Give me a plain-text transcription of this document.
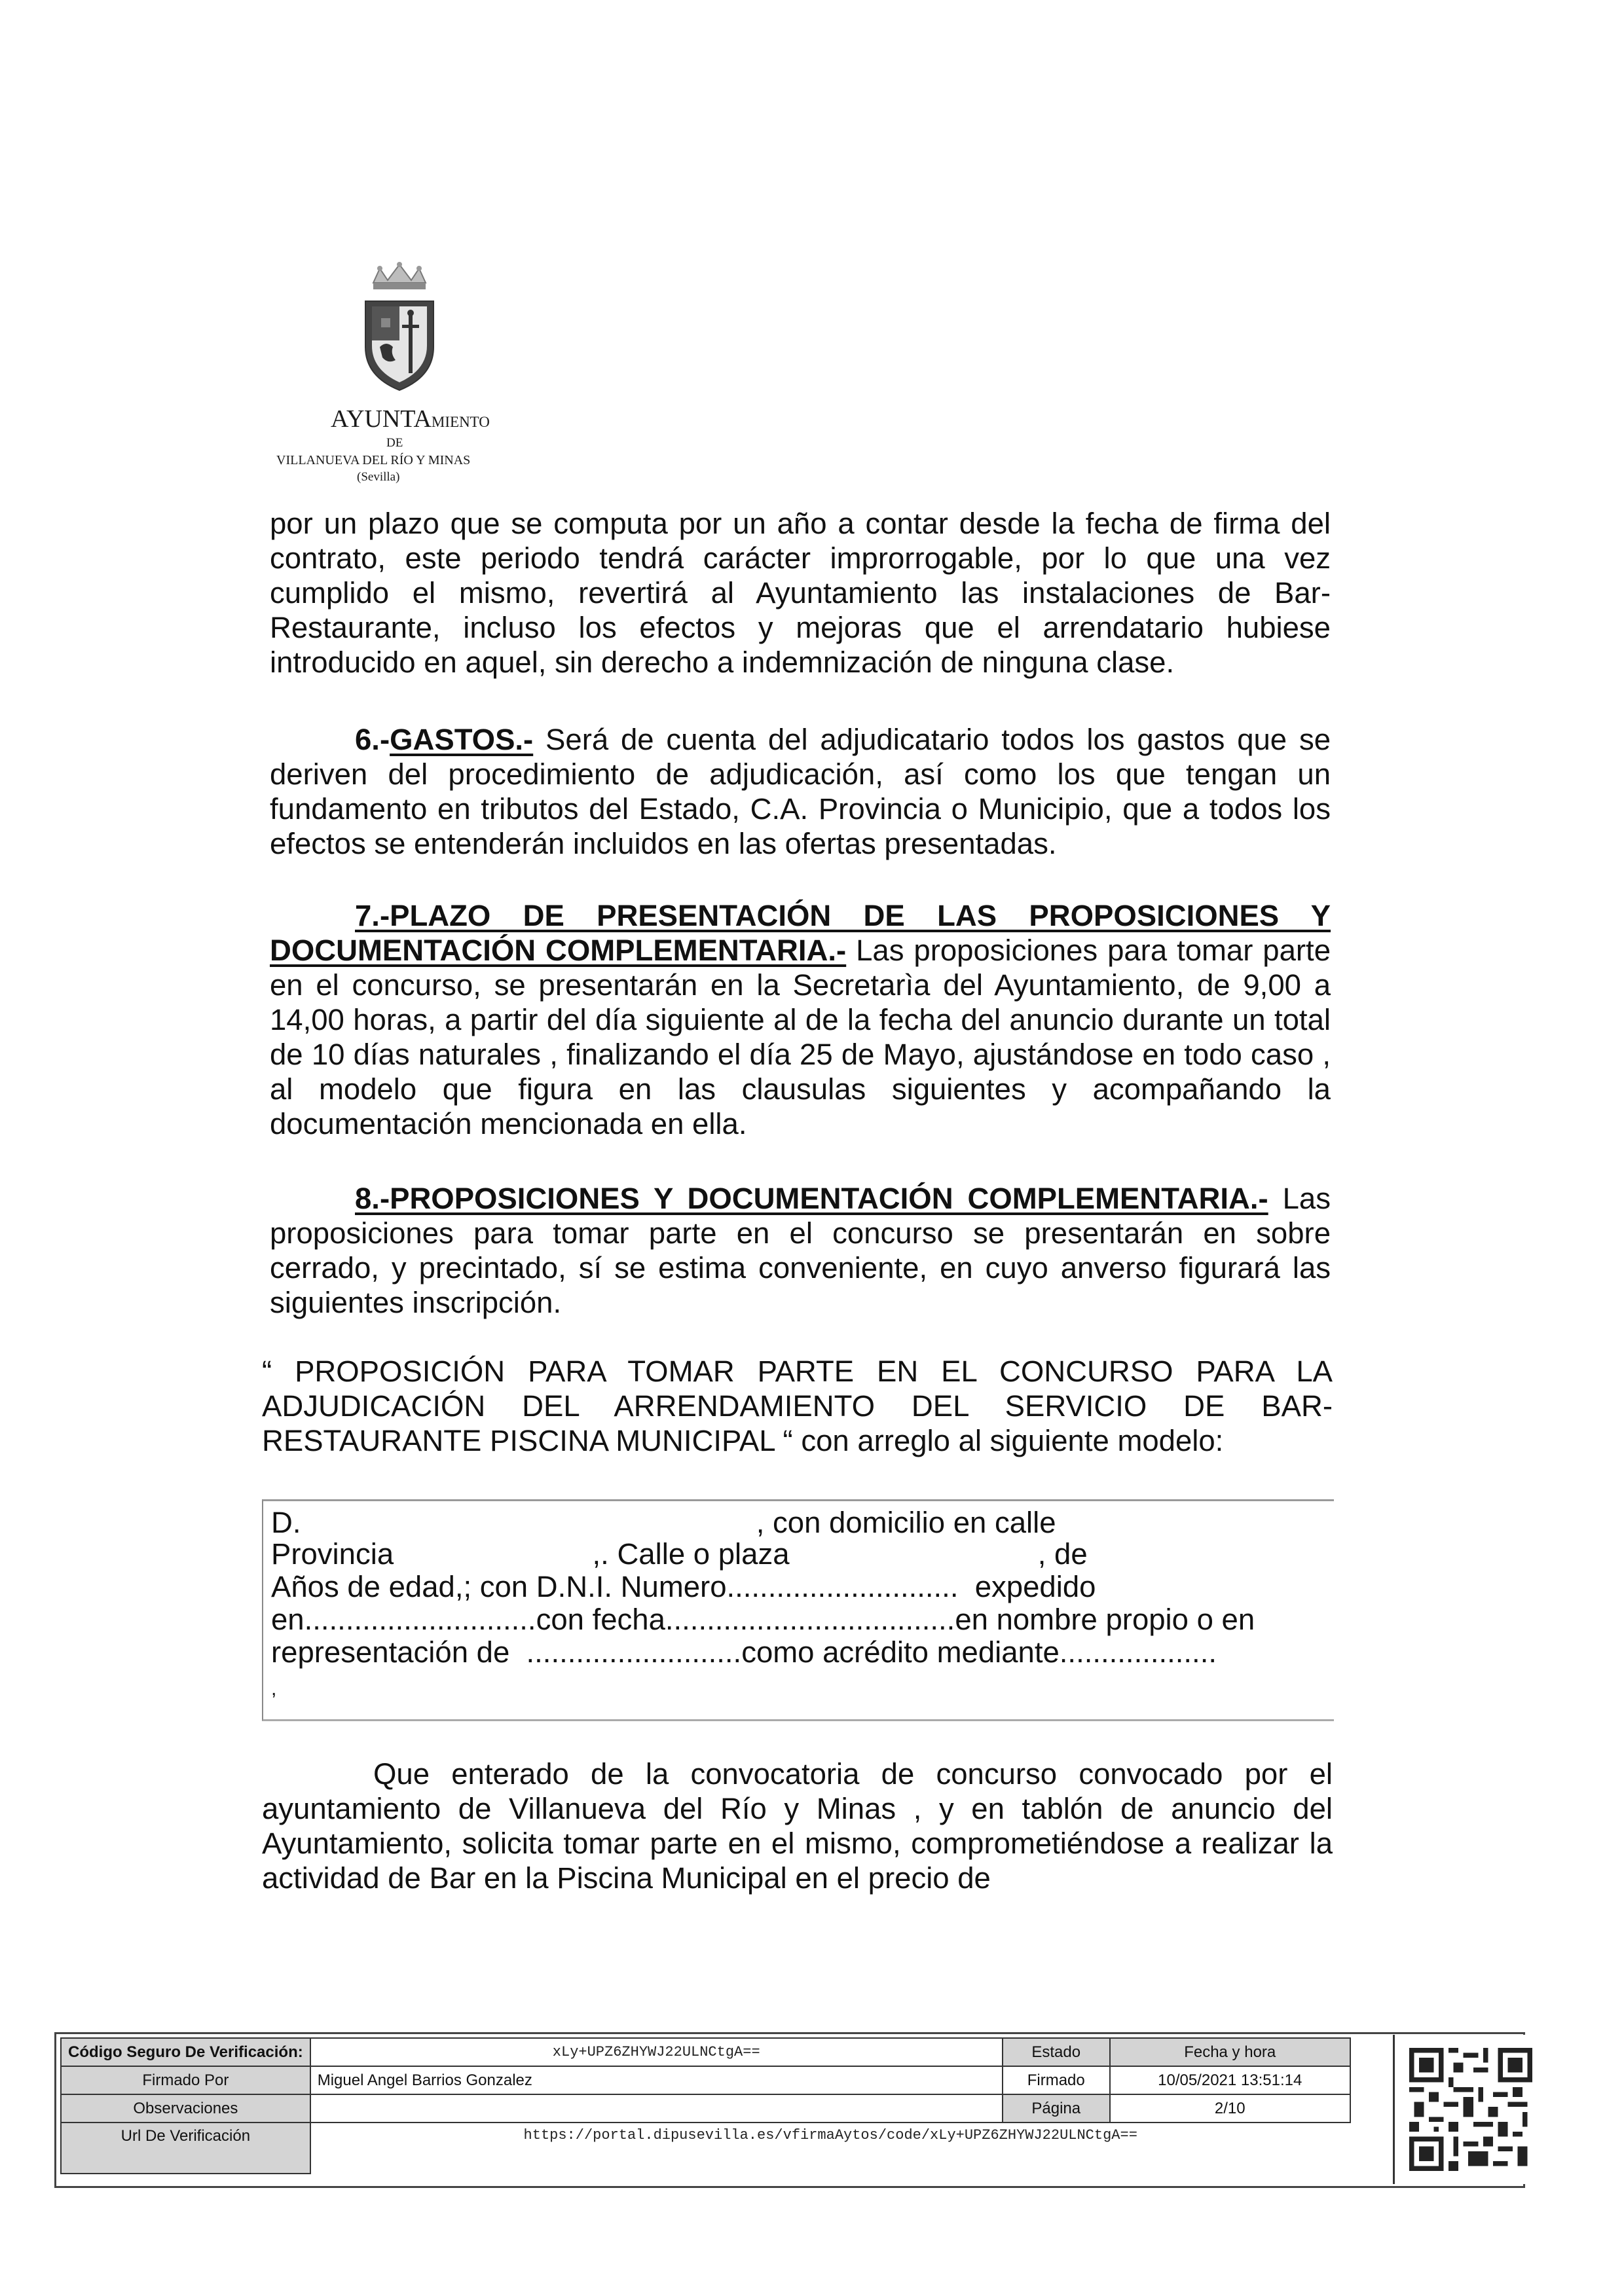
AYUNTAMIENTO
DE
VILLANUEVA DEL RÍO Y MINAS
(Sevilla)

por un plazo que se computa por un año a contar desde la fecha de firma del contrato, este periodo tendrá carácter improrrogable, por lo que una vez cumplido el mismo, revertirá al Ayuntamiento las instalaciones de Bar-Restaurante, incluso los efectos y mejoras que el arrendatario hubiese introducido en aquel, sin derecho a indemnización de ninguna clase.

6.-GASTOS.- Será de cuenta del adjudicatario todos los gastos que se deriven del procedimiento de adjudicación, así como los que tengan un fundamento en tributos del Estado, C.A. Provincia o Municipio, que a todos los efectos se entenderán incluidos en las ofertas presentadas.

7.-PLAZO DE PRESENTACIÓN DE LAS PROPOSICIONES Y DOCUMENTACIÓN COMPLEMENTARIA.- Las proposiciones para tomar parte en el concurso, se presentarán en la Secretarìa del Ayuntamiento, de 9,00 a 14,00 horas, a partir del día siguiente al de la fecha del anuncio durante un total de 10 días naturales , finalizando el día 25 de Mayo, ajustándose en todo caso , al modelo que figura en las clausulas siguientes y acompañando la documentación mencionada en ella.

8.-PROPOSICIONES Y DOCUMENTACIÓN COMPLEMENTARIA.- Las proposiciones para tomar parte en el concurso se presentarán en sobre cerrado, y precintado, sí se estima conveniente, en cuyo anverso figurará las siguientes inscripción.

“ PROPOSICIÓN PARA TOMAR PARTE EN EL CONCURSO PARA LA ADJUDICACIÓN DEL ARRENDAMIENTO DEL SERVICIO DE BAR-RESTAURANTE PISCINA MUNICIPAL “ con arreglo al siguiente modelo:

D.                                                       , con domicilio en calle
Provincia                        ,. Calle o plaza                              , de
Años de edad,; con D.N.I. Numero............................  expedido
en............................con fecha...................................en nombre propio o en
representación de  ..........................como acrédito mediante...................
,

Que enterado de la convocatoria de concurso convocado por el ayuntamiento de Villanueva del Río y Minas , y en tablón de anuncio del Ayuntamiento, solicita tomar parte en el mismo, comprometiéndose a realizar la actividad de Bar en la Piscina Municipal en el precio de

Código Seguro De Verificación:	xLy+UPZ6ZHYWJ22ULNCtgA==	Estado	Fecha y hora
Firmado Por	Miguel Angel Barrios Gonzalez	Firmado	10/05/2021 13:51:14
Observaciones		Página	2/10
Url De Verificación	https://portal.dipusevilla.es/vfirmaAytos/code/xLy+UPZ6ZHYWJ22ULNCtgA==		
